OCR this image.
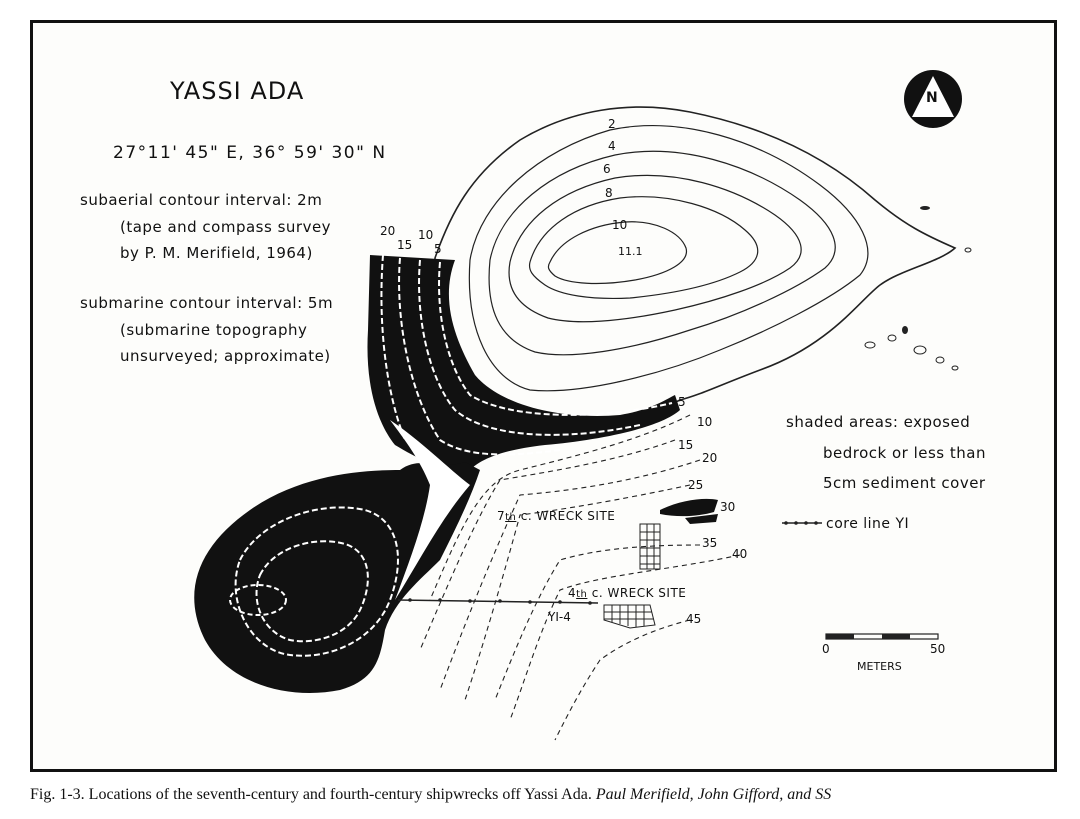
YASSI ADA
27°11' 45" E, 36° 59' 30" N
subaerial contour interval: 2m
(tape and compass survey
by P. M. Merifield, 1964)
submarine contour interval: 5m
(submarine topography
unsurveyed; approximate)
N
2
4
6
8
10
11.1
20
15
10
5
5
10
15
20
25
30
35
40
45
shaded areas: exposed
bedrock or less than
5cm sediment cover
core line YI
7th c. WRECK SITE
4th c. WRECK SITE
YI-4
0	50
METERS
Fig. 1-3. Locations of the seventh-century and fourth-century shipwrecks off Yassi Ada. Paul Merifield, John Gifford, and SS
